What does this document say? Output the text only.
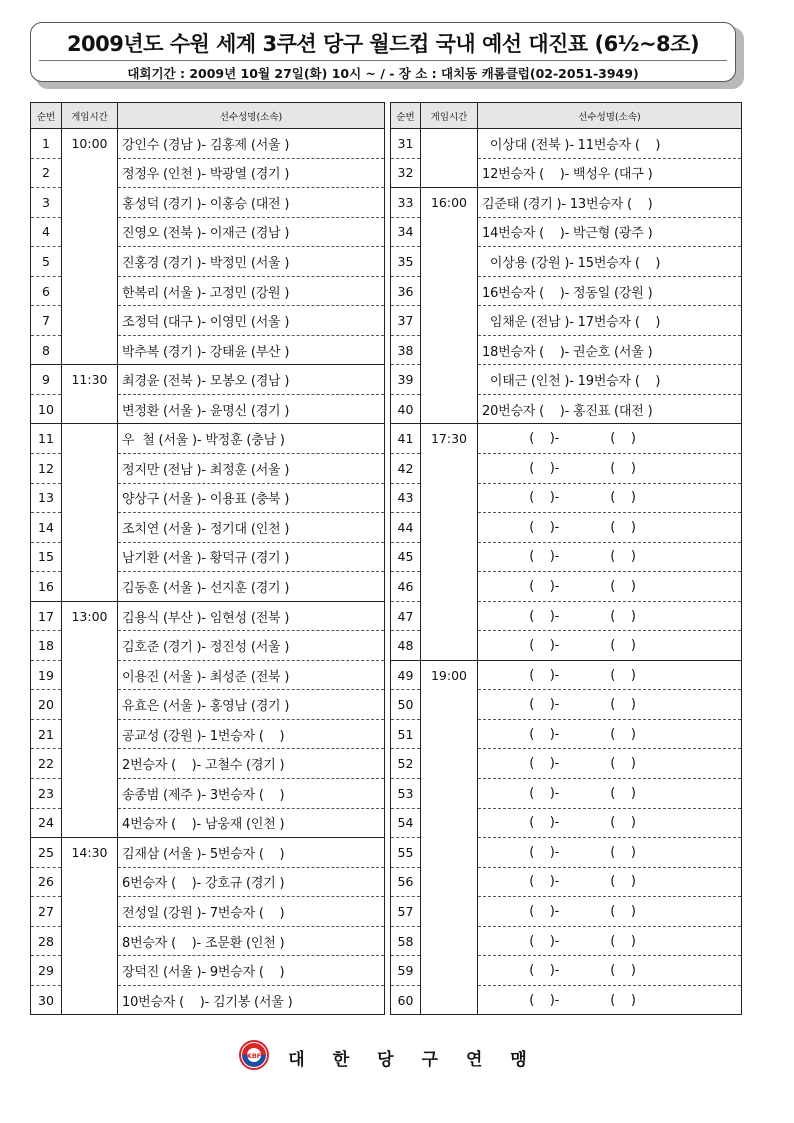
2009년도 수원 세계 3쿠션 당구 월드컵 국내 예선 대진표 (6½~8조)
대회기간 : 2009년 10월 27일(화) 10시 ~ / - 장 소 : 대치동 캐롬클럽(02-2051-3949)
순번	게임시간	선수성명(소속)
1	10:00	강인수 (경남 )- 김홍제 (서울 )
2		정정우 (인천 )- 박광열 (경기 )
3		홍성덕 (경기 )- 이홍승 (대전 )
4		진영오 (전북 )- 이재근 (경남 )
5		진홍경 (경기 )- 박정민 (서울 )
6		한복리 (서울 )- 고정민 (강원 )
7		조정덕 (대구 )- 이영민 (서울 )
8		박추복 (경기 )- 강태윤 (부산 )
9	11:30	최경윤 (전북 )- 모봉오 (경남 )
10		변정환 (서울 )- 윤명신 (경기 )
11		우  철 (서울 )- 박정훈 (충남 )
12		정지만 (전남 )- 최정훈 (서울 )
13		양상구 (서울 )- 이용표 (충북 )
14		조치연 (서울 )- 정기대 (인천 )
15		남기환 (서울 )- 황덕규 (경기 )
16		김동훈 (서울 )- 선지훈 (경기 )
17	13:00	김용식 (부산 )- 임현성 (전북 )
18		김호준 (경기 )- 정진성 (서울 )
19		이용진 (서울 )- 최성준 (전북 )
20		유효은 (서울 )- 홍영남 (경기 )
21		공교성 (강원 )- 1번승자 (    )
22		2번승자 (    )- 고철수 (경기 )
23		송종범 (제주 )- 3번승자 (    )
24		4번승자 (    )- 남웅재 (인천 )
25	14:30	김재삼 (서울 )- 5번승자 (    )
26		6번승자 (    )- 강호규 (경기 )
27		전성일 (강원 )- 7번승자 (    )
28		8번승자 (    )- 조문환 (인천 )
29		장덕진 (서울 )- 9번승자 (    )
30		10번승자 (    )- 김기봉 (서울 )
순번	게임시간	선수성명(소속)
31		이상대 (전북 )- 11번승자 (    )
32		12번승자 (    )- 백성우 (대구 )
33	16:00	김준태 (경기 )- 13번승자 (    )
34		14번승자 (    )- 박근형 (광주 )
35		이상용 (강원 )- 15번승자 (    )
36		16번승자 (    )- 정동일 (강원 )
37		임채운 (전남 )- 17번승자 (    )
38		18번승자 (    )- 권순호 (서울 )
39		이태근 (인천 )- 19번승자 (    )
40		20번승자 (    )- 홍진표 (대전 )
41	17:30	(    )-             (    )
42		(    )-             (    )
43		(    )-             (    )
44		(    )-             (    )
45		(    )-             (    )
46		(    )-             (    )
47		(    )-             (    )
48		(    )-             (    )
49	19:00	(    )-             (    )
50		(    )-             (    )
51		(    )-             (    )
52		(    )-             (    )
53		(    )-             (    )
54		(    )-             (    )
55		(    )-             (    )
56		(    )-             (    )
57		(    )-             (    )
58		(    )-             (    )
59		(    )-             (    )
60		(    )-             (    )
KBF 대한당구연맹
